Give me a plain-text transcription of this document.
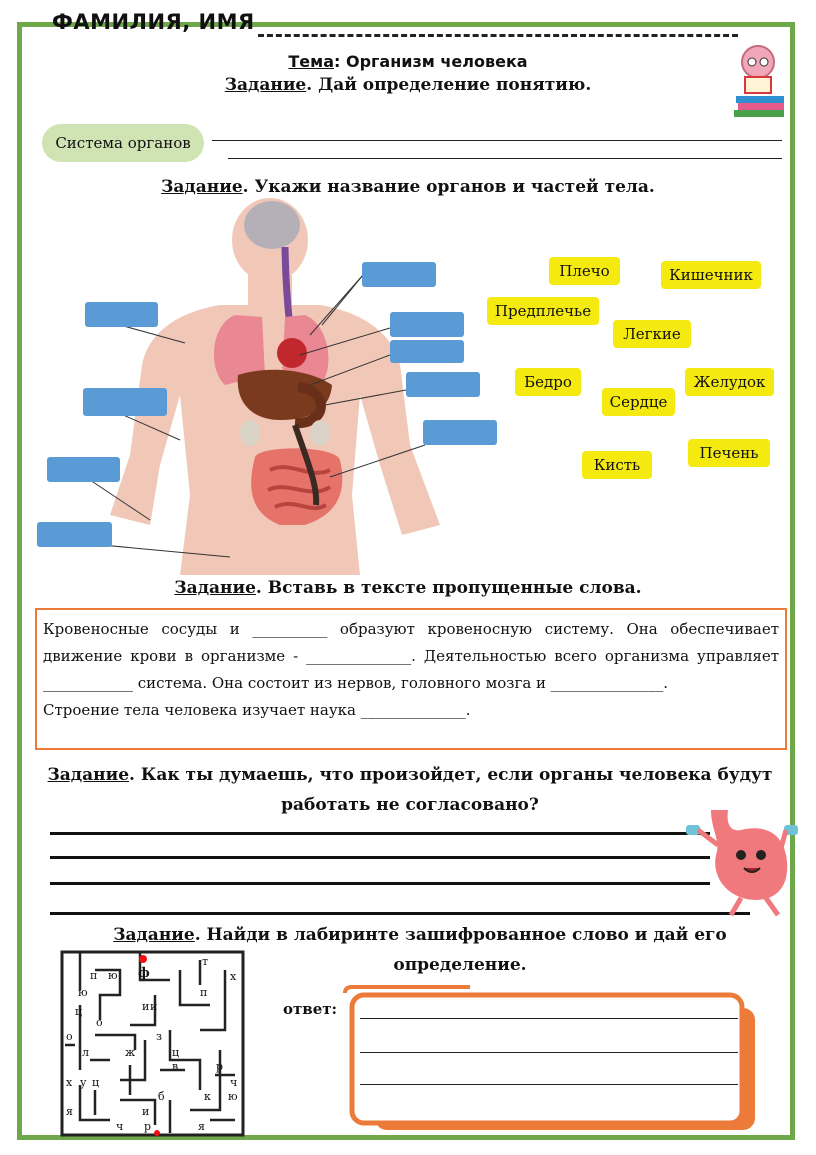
ФАМИЛИЯ, ИМЯ
Тема: Организм человека
Задание. Дай определение понятию.
Система органов
Задание. Укажи название органов и частей тела.
Плечо	Кишечник
Предплечье
Легкие
Бедро	Желудок
Сердце
Печень
Кисть
Задание. Вставь в тексте пропущенные слова.

Кровеносные сосуды и __________ образуют кровеносную систему. Она обеспечивает движение крови в организме - ______________. Деятельностью всего организма управляет ____________ система. Она состоит из нервов, головного мозга и _______________.

Строение тела человека изучает наука ______________.

Задание. Как ты думаешь, что произойдет, если органы человека будут работать не согласовано?
Задание. Найди в лабиринте зашифрованное слово и дай его
определение.
п ю ф
т
х
ю	п
и и
ц
о
о	з
л	ж	ц
х у ц
в	р
ч
б	к ю
я	и
ч р	я
ответ:
